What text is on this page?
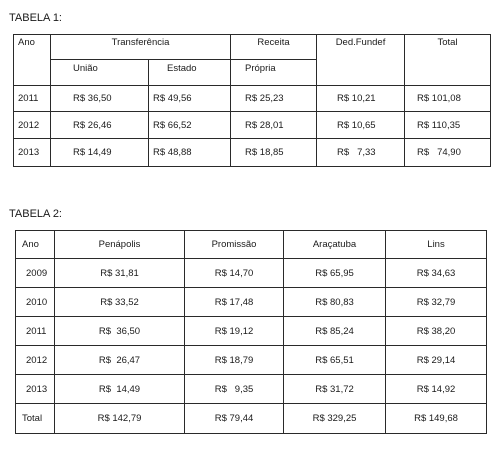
TABELA 1:
Ano	Transferência		Receita	Ded.Fundef	Total
	União	Estado	Própria		
2011	R$ 36,50	R$ 49,56	R$ 25,23	R$ 10,21	R$ 101,08
2012	R$ 26,46	R$ 66,52	R$ 28,01	R$ 10,65	R$ 110,35
2013	R$ 14,49	R$ 48,88	R$ 18,85	R$   7,33	R$   74,90
TABELA 2:
Ano	Penápolis	Promissão	Araçatuba	Lins
2009	R$ 31,81	R$ 14,70	R$ 65,95	R$ 34,63
2010	R$ 33,52	R$ 17,48	R$ 80,83	R$ 32,79
2011	R$  36,50	R$ 19,12	R$ 85,24	R$ 38,20
2012	R$  26,47	R$ 18,79	R$ 65,51	R$ 29,14
2013	R$  14,49	R$   9,35	R$ 31,72	R$ 14,92
Total	R$ 142,79	R$ 79,44	R$ 329,25	R$ 149,68
